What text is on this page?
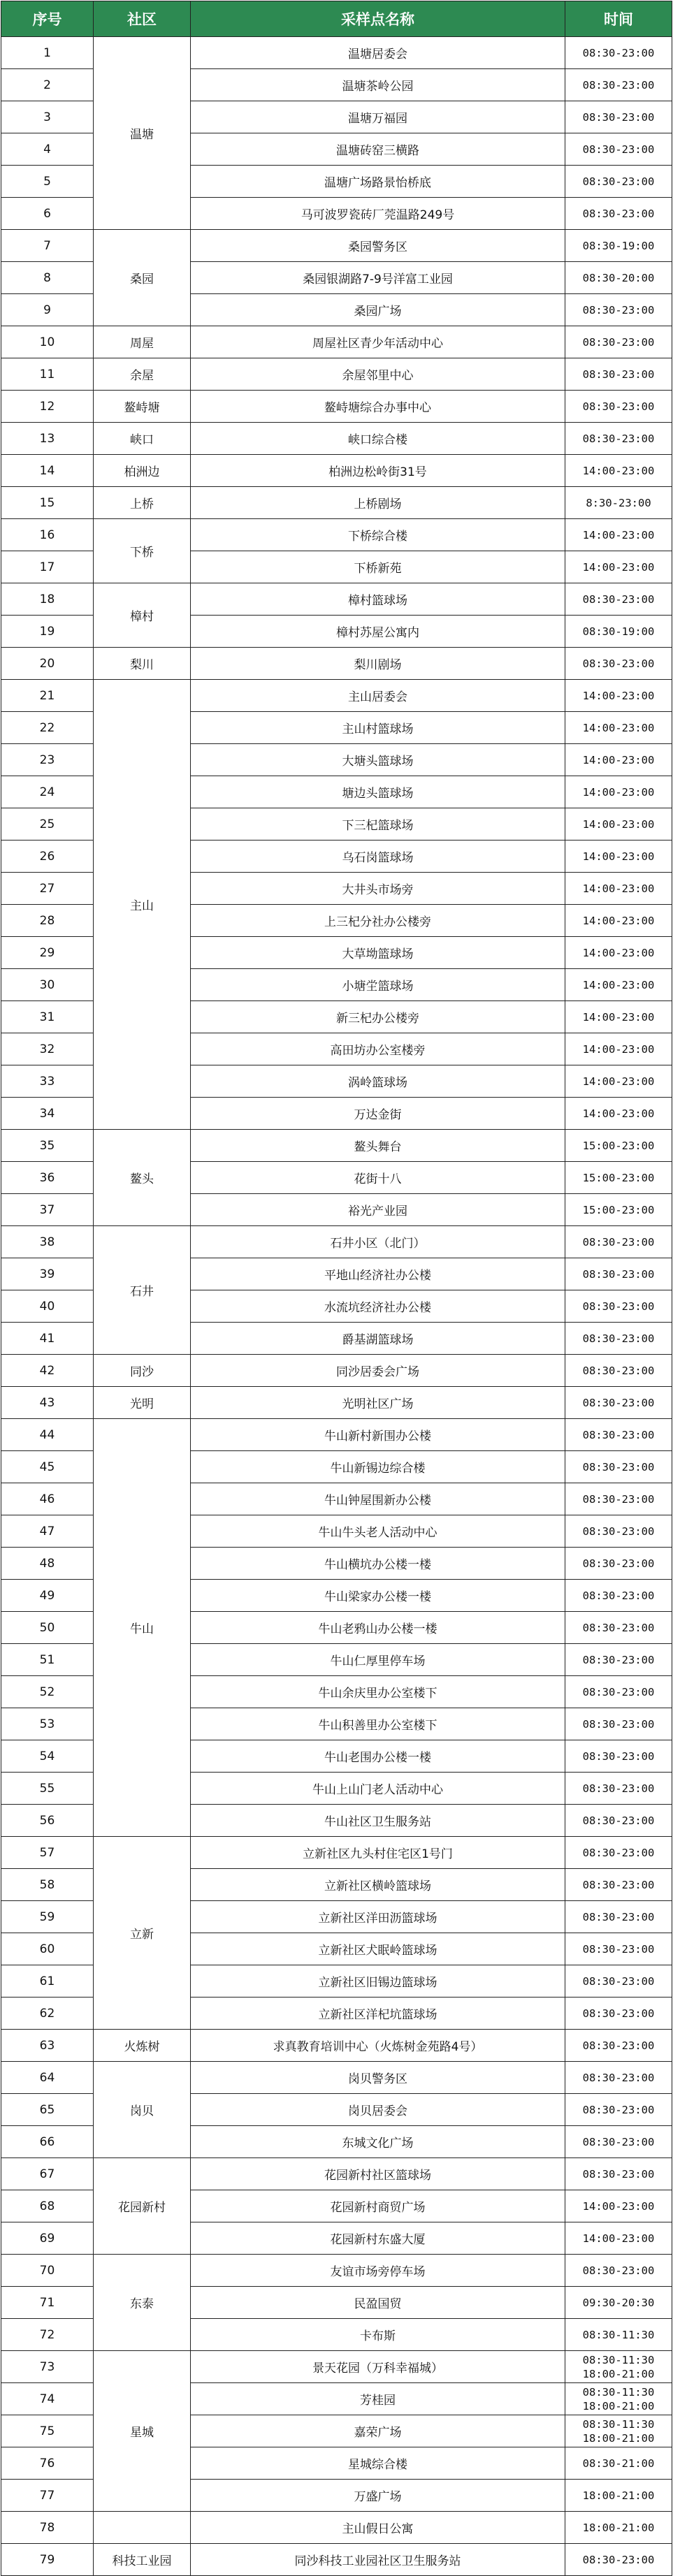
序号	社区	采样点名称	时间
1	温塘	温塘居委会	08:30-23:00

2		温塘茶岭公园	08:30-23:00

3		温塘万福园	08:30-23:00

4		温塘砖窑三横路	08:30-23:00

5		温塘广场路景怡桥底	08:30-23:00

6		马可波罗瓷砖厂莞温路249号	08:30-23:00

7	桑园	桑园警务区	08:30-19:00

8		桑园银湖路7-9号洋富工业园	08:30-20:00

9		桑园广场	08:30-23:00

10	周屋	周屋社区青少年活动中心	08:30-23:00

11	余屋	余屋邻里中心	08:30-23:00

12	鳌峙塘	鳌峙塘综合办事中心	08:30-23:00

13	峡口	峡口综合楼	08:30-23:00

14	柏洲边	柏洲边松岭街31号	14:00-23:00

15	上桥	上桥剧场	8:30-23:00

16	下桥	下桥综合楼	14:00-23:00

17		下桥新苑	14:00-23:00

18	樟村	樟村篮球场	08:30-23:00

19		樟村苏屋公寓内	08:30-19:00

20	梨川	梨川剧场	08:30-23:00

21	主山	主山居委会	14:00-23:00

22		主山村篮球场	14:00-23:00

23		大塘头篮球场	14:00-23:00

24		塘边头篮球场	14:00-23:00

25		下三杞篮球场	14:00-23:00

26		乌石岗篮球场	14:00-23:00

27		大井头市场旁	14:00-23:00

28		上三杞分社办公楼旁	14:00-23:00

29		大草坳篮球场	14:00-23:00

30		小塘坣篮球场	14:00-23:00

31		新三杞办公楼旁	14:00-23:00

32		高田坊办公室楼旁	14:00-23:00

33		涡岭篮球场	14:00-23:00

34		万达金街	14:00-23:00

35	鳌头	鳌头舞台	15:00-23:00

36		花街十八	15:00-23:00

37		裕光产业园	15:00-23:00

38	石井	石井小区（北门）	08:30-23:00

39		平地山经济社办公楼	08:30-23:00

40		水流坑经济社办公楼	08:30-23:00

41		爵基湖篮球场	08:30-23:00

42	同沙	同沙居委会广场	08:30-23:00

43	光明	光明社区广场	08:30-23:00

44	牛山	牛山新村新围办公楼	08:30-23:00

45		牛山新锡边综合楼	08:30-23:00

46		牛山钟屋围新办公楼	08:30-23:00

47		牛山牛头老人活动中心	08:30-23:00

48		牛山横坑办公楼一楼	08:30-23:00

49		牛山梁家办公楼一楼	08:30-23:00

50		牛山老鸦山办公楼一楼	08:30-23:00

51		牛山仁厚里停车场	08:30-23:00

52		牛山余庆里办公室楼下	08:30-23:00

53		牛山积善里办公室楼下	08:30-23:00

54		牛山老围办公楼一楼	08:30-23:00

55		牛山上山门老人活动中心	08:30-23:00

56		牛山社区卫生服务站	08:30-23:00

57	立新	立新社区九头村住宅区1号门	08:30-23:00

58		立新社区横岭篮球场	08:30-23:00

59		立新社区洋田沥篮球场	08:30-23:00

60		立新社区犬眠岭篮球场	08:30-23:00

61		立新社区旧锡边篮球场	08:30-23:00

62		立新社区洋杞坑篮球场	08:30-23:00

63	火炼树	求真教育培训中心（火炼树金苑路4号）	08:30-23:00

64	岗贝	岗贝警务区	08:30-23:00

65		岗贝居委会	08:30-23:00

66		东城文化广场	08:30-23:00

67	花园新村	花园新村社区篮球场	08:30-23:00

68		花园新村商贸广场	14:00-23:00

69		花园新村东盛大厦	14:00-23:00

70	东泰	友谊市场旁停车场	08:30-23:00

71		民盈国贸	09:30-20:30

72		卡布斯	08:30-11:30

73	星城	景天花园（万科幸福城）	08:30-11:30
18:00-21:00

74		芳桂园	08:30-11:30
18:00-21:00

75		嘉荣广场	08:30-11:30
18:00-21:00

76		星城综合楼	08:30-21:00

77		万盛广场	18:00-21:00

78		主山假日公寓	18:00-21:00

79	科技工业园	同沙科技工业园社区卫生服务站	08:30-23:00
